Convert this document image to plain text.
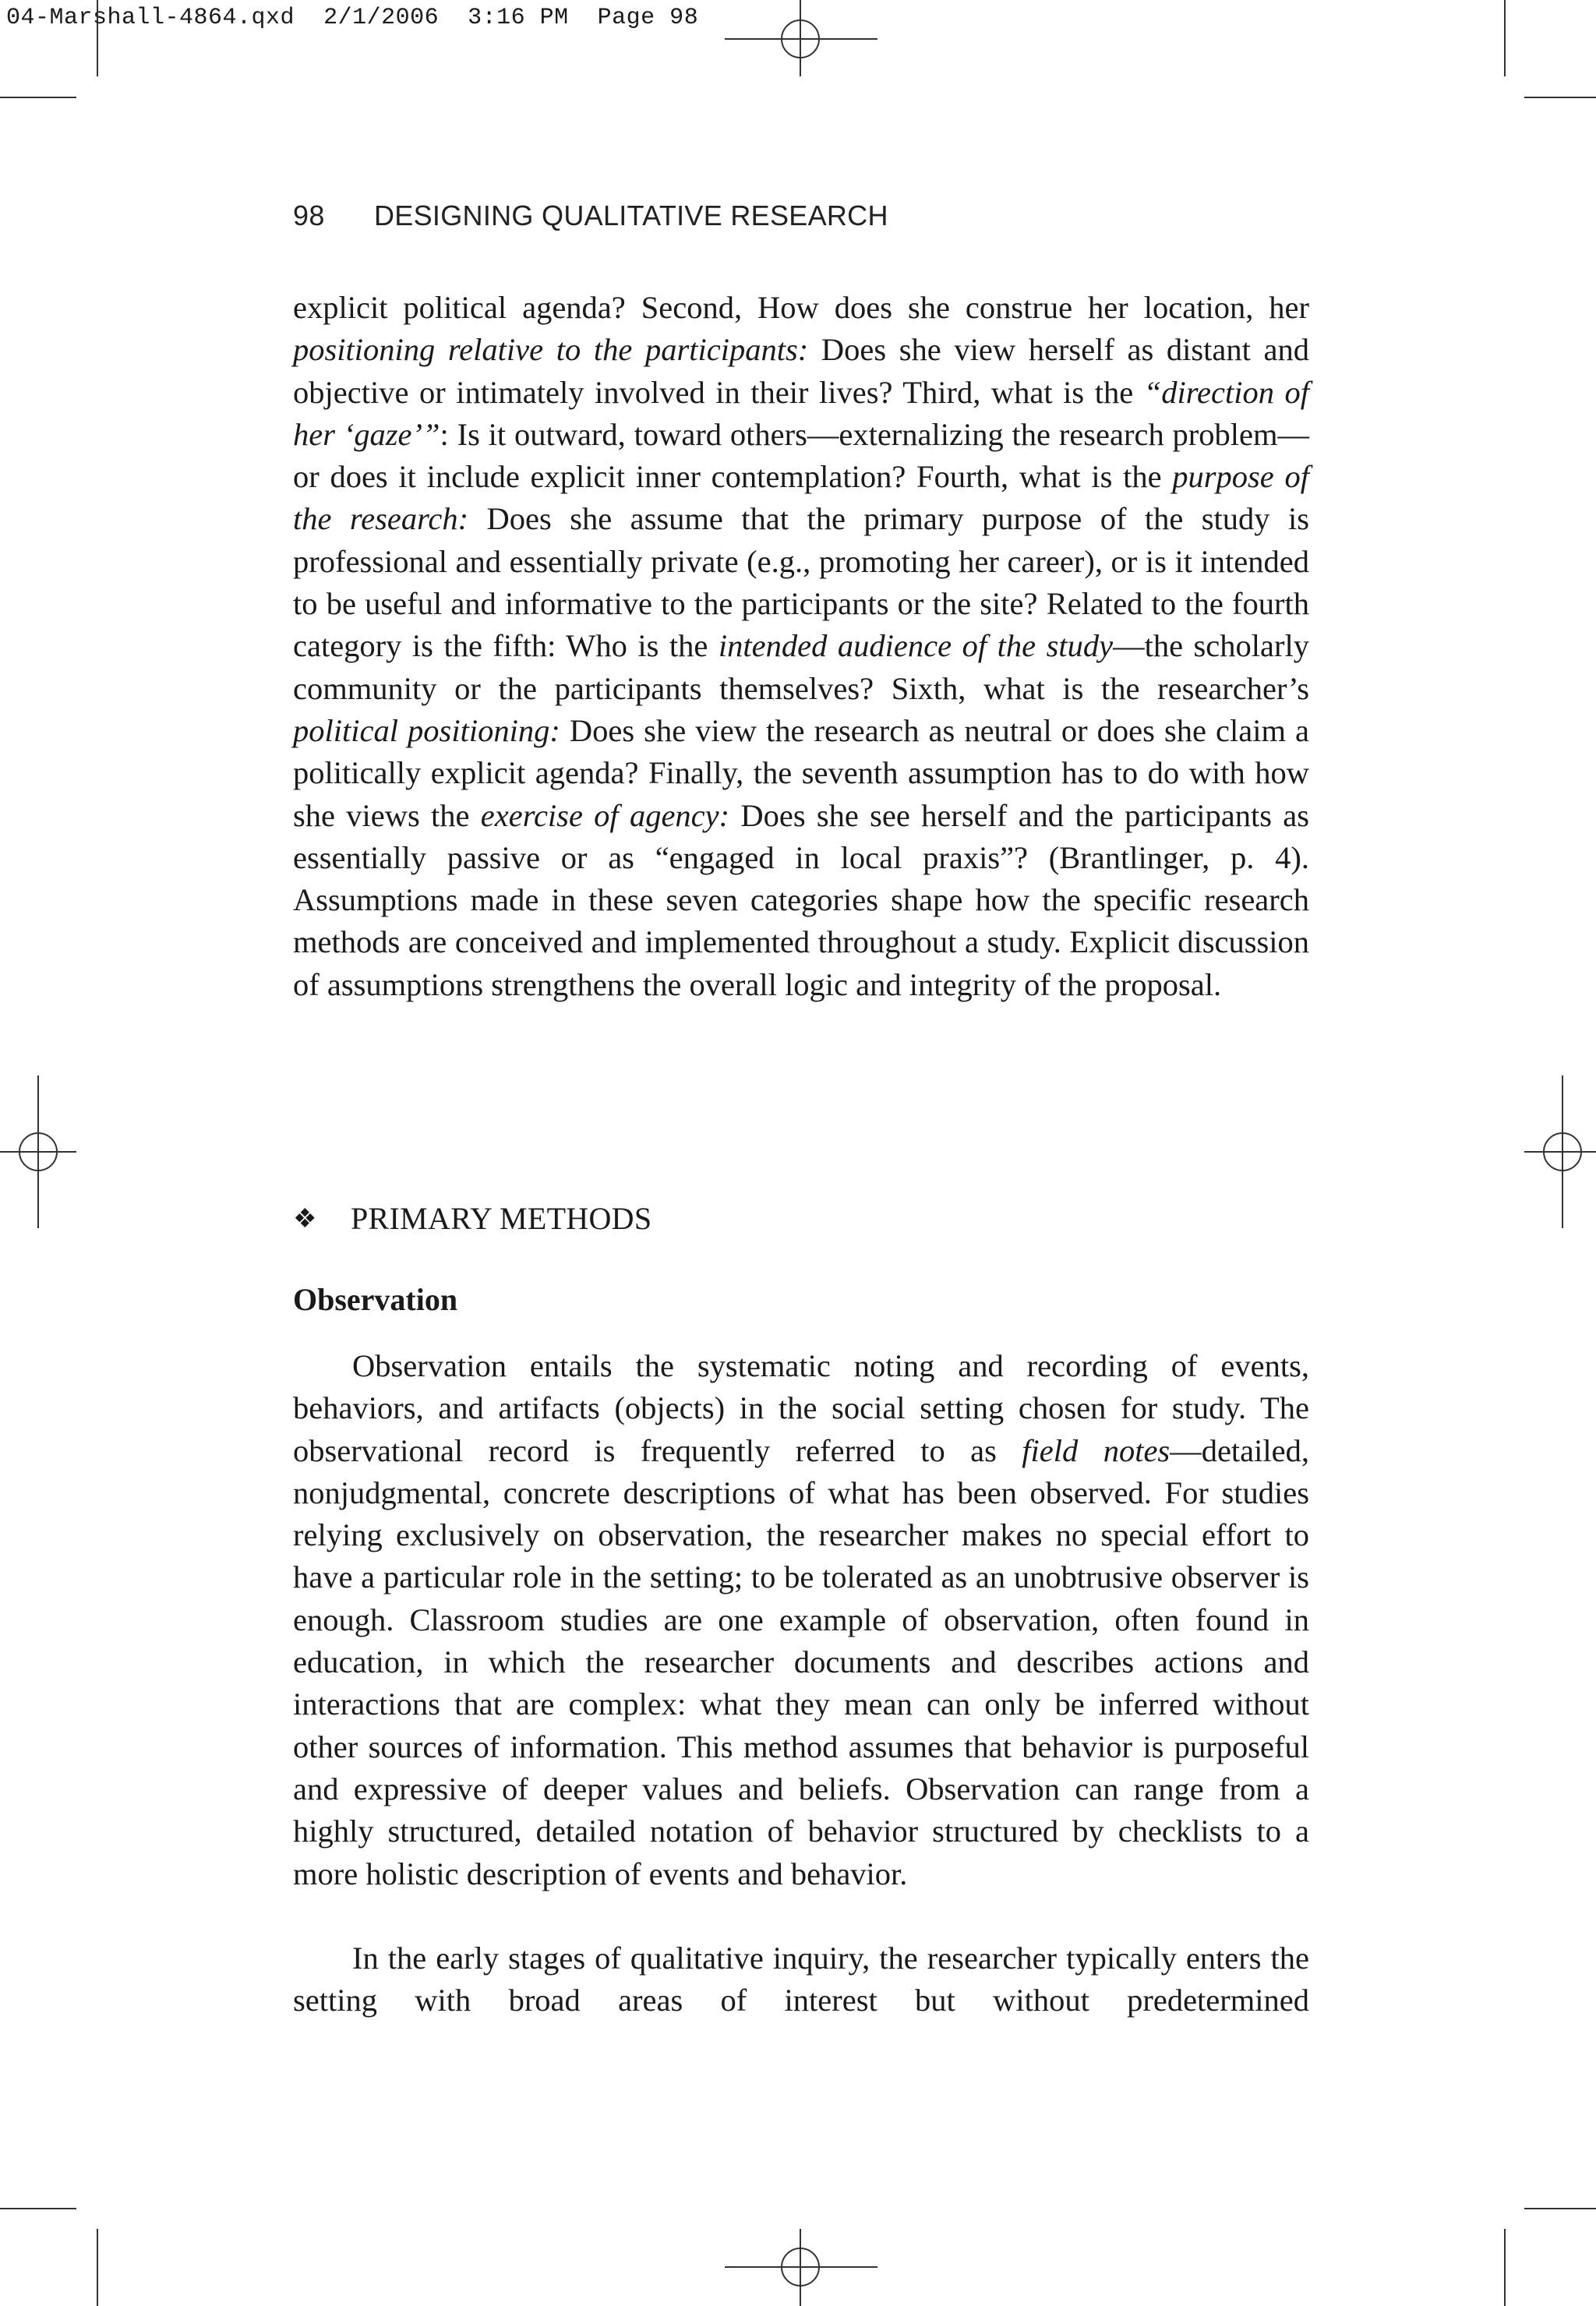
04-Marshall-4864.qxd 2/1/2006 3:16 PM Page 98
98 DESIGNING QUALITATIVE RESEARCH

explicit political agenda? Second, How does she construe her location, her positioning relative to the participants: Does she view herself as distant and objective or intimately involved in their lives? Third, what is the “direction of her ‘gaze’”: Is it outward, toward others—externalizing the research problem—or does it include explicit inner contemplation? Fourth, what is the purpose of the research: Does she assume that the primary purpose of the study is professional and essentially private (e.g., promoting her career), or is it intended to be useful and informative to the participants or the site? Related to the fourth category is the fifth: Who is the intended audience of the study—the scholarly community or the participants themselves? Sixth, what is the researcher’s political positioning: Does she view the research as neutral or does she claim a politically explicit agenda? Finally, the seventh assumption has to do with how she views the exercise of agency: Does she see herself and the participants as essentially passive or as “engaged in local praxis”? (Brantlinger, p. 4). Assumptions made in these seven categories shape how the specific research methods are conceived and implemented throughout a study. Explicit discussion of assumptions strengthens the overall logic and integrity of the proposal.

❖ PRIMARY METHODS
Observation

Observation entails the systematic noting and recording of events, behaviors, and artifacts (objects) in the social setting chosen for study. The observational record is frequently referred to as field notes—detailed, nonjudgmental, concrete descriptions of what has been observed. For studies relying exclusively on observation, the researcher makes no special effort to have a particular role in the setting; to be tolerated as an unobtrusive observer is enough. Classroom studies are one example of observation, often found in education, in which the researcher documents and describes actions and interactions that are complex: what they mean can only be inferred without other sources of information. This method assumes that behavior is purposeful and expressive of deeper values and beliefs. Observation can range from a highly structured, detailed notation of behavior structured by checklists to a more holistic description of events and behavior.

In the early stages of qualitative inquiry, the researcher typically enters the setting with broad areas of interest but without predetermined
